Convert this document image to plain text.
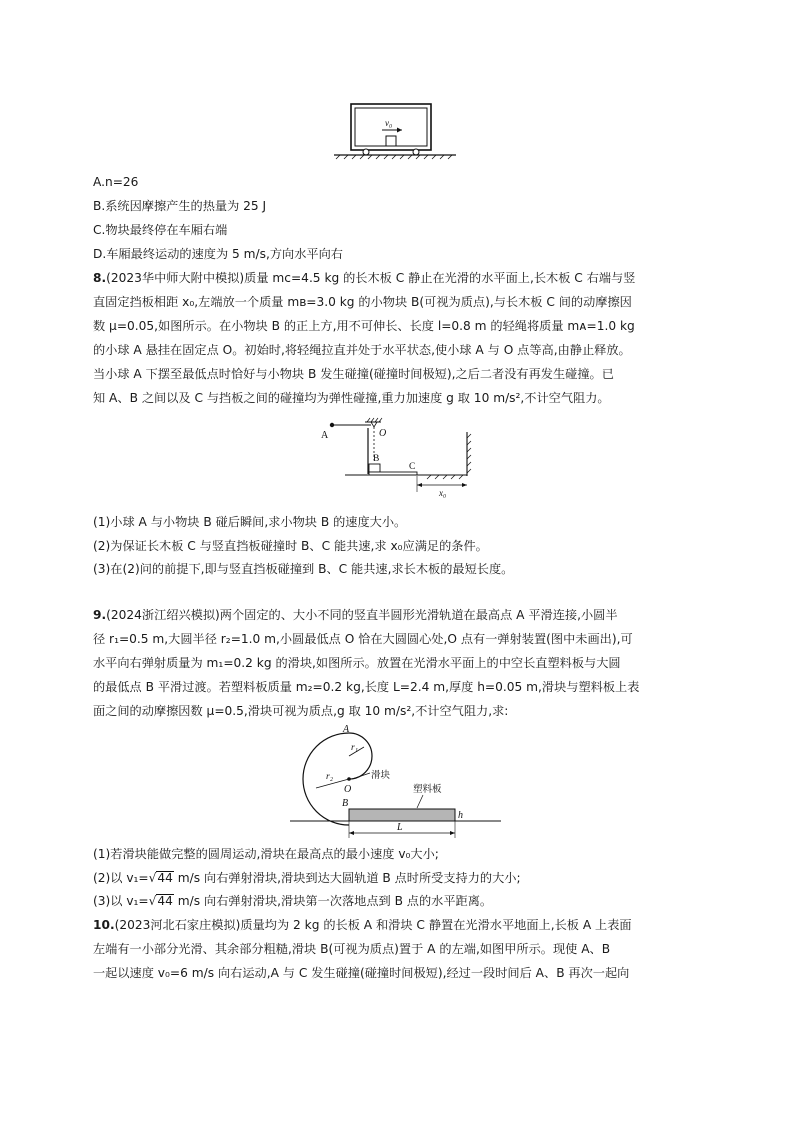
v₀
A.n=26
B.系统因摩擦产生的热量为 25 J
C.物块最终停在车厢右端
D.车厢最终运动的速度为 5 m/s,方向水平向右
8.(2023华中师大附中模拟)质量 mᴄ=4.5 kg 的长木板 C 静止在光滑的水平面上,长木板 C 右端与竖
直固定挡板相距 x₀,左端放一个质量 mʙ=3.0 kg 的小物块 B(可视为质点),与长木板 C 间的动摩擦因
数 μ=0.05,如图所示。在小物块 B 的正上方,用不可伸长、长度 l=0.8 m 的轻绳将质量 mᴀ=1.0 kg
的小球 A 悬挂在固定点 O。初始时,将轻绳拉直并处于水平状态,使小球 A 与 O 点等高,由静止释放。
当小球 A 下摆至最低点时恰好与小物块 B 发生碰撞(碰撞时间极短),之后二者没有再发生碰撞。已
知 A、B 之间以及 C 与挡板之间的碰撞均为弹性碰撞,重力加速度 g 取 10 m/s²,不计空气阻力。
A	O
B
C
x₀
(1)小球 A 与小物块 B 碰后瞬间,求小物块 B 的速度大小。
(2)为保证长木板 C 与竖直挡板碰撞时 B、C 能共速,求 x₀应满足的条件。
(3)在(2)问的前提下,即与竖直挡板碰撞到 B、C 能共速,求长木板的最短长度。
9.(2024浙江绍兴模拟)两个固定的、大小不同的竖直半圆形光滑轨道在最高点 A 平滑连接,小圆半
径 r₁=0.5 m,大圆半径 r₂=1.0 m,小圆最低点 O 恰在大圆圆心处,O 点有一弹射装置(图中未画出),可
水平向右弹射质量为 m₁=0.2 kg 的滑块,如图所示。放置在光滑水平面上的中空长直塑料板与大圆
的最低点 B 平滑过渡。若塑料板质量 m₂=0.2 kg,长度 L=2.4 m,厚度 h=0.05 m,滑块与塑料板上表
面之间的动摩擦因数 μ=0.5,滑块可视为质点,g 取 10 m/s²,不计空气阻力,求:
A
r₁
r₂
O
滑块
塑料板
B
h
L
(1)若滑块能做完整的圆周运动,滑块在最高点的最小速度 v₀大小;
(2)以 v₁=√44 m/s 向右弹射滑块,滑块到达大圆轨道 B 点时所受支持力的大小;
(3)以 v₁=√44 m/s 向右弹射滑块,滑块第一次落地点到 B 点的水平距离。
10.(2023河北石家庄模拟)质量均为 2 kg 的长板 A 和滑块 C 静置在光滑水平地面上,长板 A 上表面
左端有一小部分光滑、其余部分粗糙,滑块 B(可视为质点)置于 A 的左端,如图甲所示。现使 A、B
一起以速度 v₀=6 m/s 向右运动,A 与 C 发生碰撞(碰撞时间极短),经过一段时间后 A、B 再次一起向
